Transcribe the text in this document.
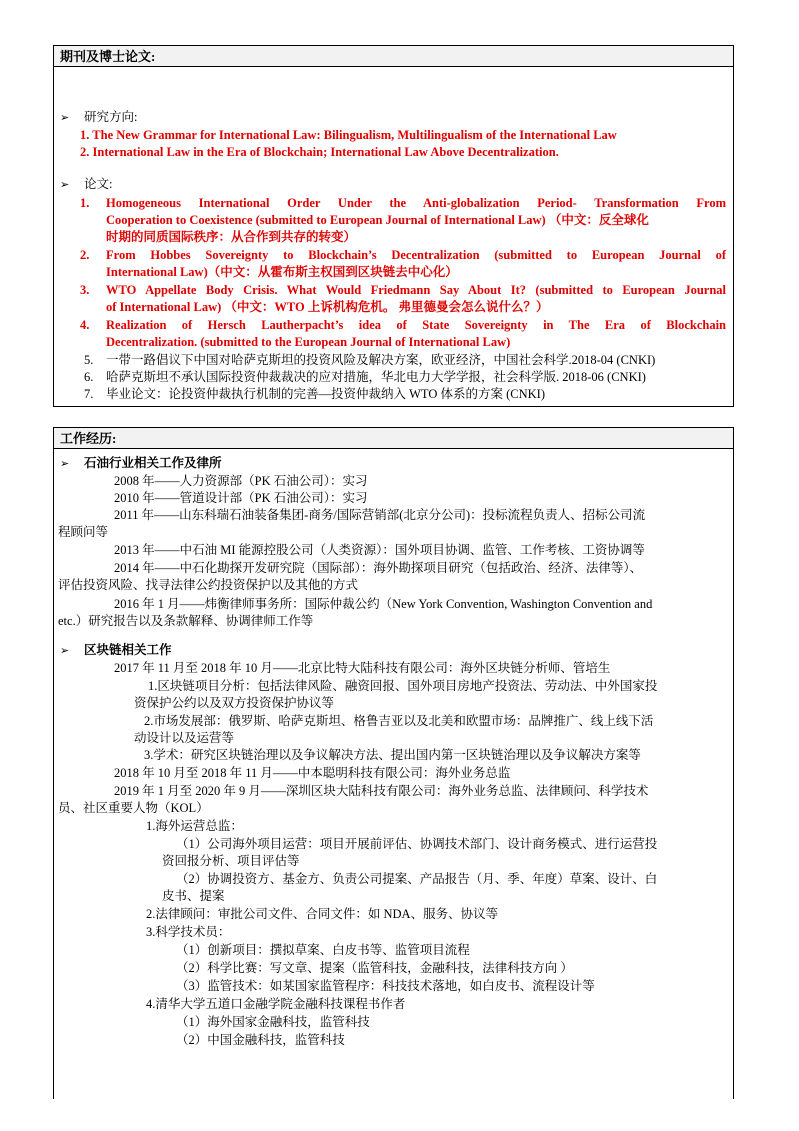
期刊及博士论文:
➢ 研究方向:
1. The New Grammar for International Law: Bilingualism, Multilingualism of the International Law
2. International Law in the Era of Blockchain; International Law Above Decentralization.
➢ 论文:
1. Homogeneous International Order Under the Anti-globalization Period- Transformation From
Cooperation to Coexistence (submitted to European Journal of International Law) （中文：反全球化
时期的同质国际秩序：从合作到共存的转变）
2. From Hobbes Sovereignty to Blockchain’s Decentralization (submitted to European Journal of
International Law)（中文：从霍布斯主权国到区块链去中心化）
3. WTO Appellate Body Crisis. What Would Friedmann Say About It? (submitted to European Journal
of International Law) （中文：WTO 上诉机构危机。 弗里德曼会怎么说什么？）
4. Realization of Hersch Lautherpacht’s idea of State Sovereignty in The Era of Blockchain
Decentralization. (submitted to the European Journal of International Law)
5. 一带一路倡议下中国对哈萨克斯坦的投资风险及解决方案，欧亚经济，中国社会科学.2018-04 (CNKI)
6. 哈萨克斯坦不承认国际投资仲裁裁决的应对措施，华北电力大学学报，社会科学版. 2018-06 (CNKI)
7. 毕业论文：论投资仲裁执行机制的完善—投资仲裁纳入 WTO 体系的方案 (CNKI)
工作经历:
➢ 石油行业相关工作及律所
2008 年——人力资源部（PK 石油公司）：实习
2010 年——管道设计部（PK 石油公司）：实习
2011 年——山东科瑞石油装备集团-商务/国际营销部(北京分公司)：投标流程负责人、招标公司流
程顾问等
2013 年——中石油 MI 能源控股公司（人类资源）：国外项目协调、监管、工作考核、工资协调等
2014 年——中石化勘探开发研究院（国际部）：海外勘探项目研究（包括政治、经济、法律等）、
评估投资风险、找寻法律公约投资保护以及其他的方式
2016 年 1 月——炜衡律师事务所：国际仲裁公约（New York Convention, Washington Convention and
etc.）研究报告以及条款解释、协调律师工作等
➢ 区块链相关工作
2017 年 11 月至 2018 年 10 月——北京比特大陆科技有限公司：海外区块链分析师、管培生
1.区块链项目分析：包括法律风险、融资回报、国外项目房地产投资法、劳动法、中外国家投
资保护公约以及双方投资保护协议等
2.市场发展部：俄罗斯、哈萨克斯坦、格鲁吉亚以及北美和欧盟市场：品牌推广、线上线下活
动设计以及运营等
3.学术：研究区块链治理以及争议解决方法、提出国内第一区块链治理以及争议解决方案等
2018 年 10 月至 2018 年 11 月——中本聪明科技有限公司：海外业务总监
2019 年 1 月至 2020 年 9 月——深圳区块大陆科技有限公司：海外业务总监、法律顾问、科学技术
员、社区重要人物（KOL）
1.海外运营总监：
（1）公司海外项目运营：项目开展前评估、协调技术部门、设计商务模式、进行运营投
资回报分析、项目评估等
（2）协调投资方、基金方、负责公司提案、产品报告（月、季、年度）草案、设计、白
皮书、提案
2.法律顾问：审批公司文件、合同文件：如 NDA、服务、协议等
3.科学技术员：
（1）创新项目：撰拟草案、白皮书等、监管项目流程
（2）科学比赛：写文章、提案（监管科技，金融科技，法律科技方向 ）
（3）监管技术：如某国家监管程序：科技技术落地，如白皮书、流程设计等
4.清华大学五道口金融学院金融科技课程书作者
（1）海外国家金融科技，监管科技
（2）中国金融科技，监管科技
